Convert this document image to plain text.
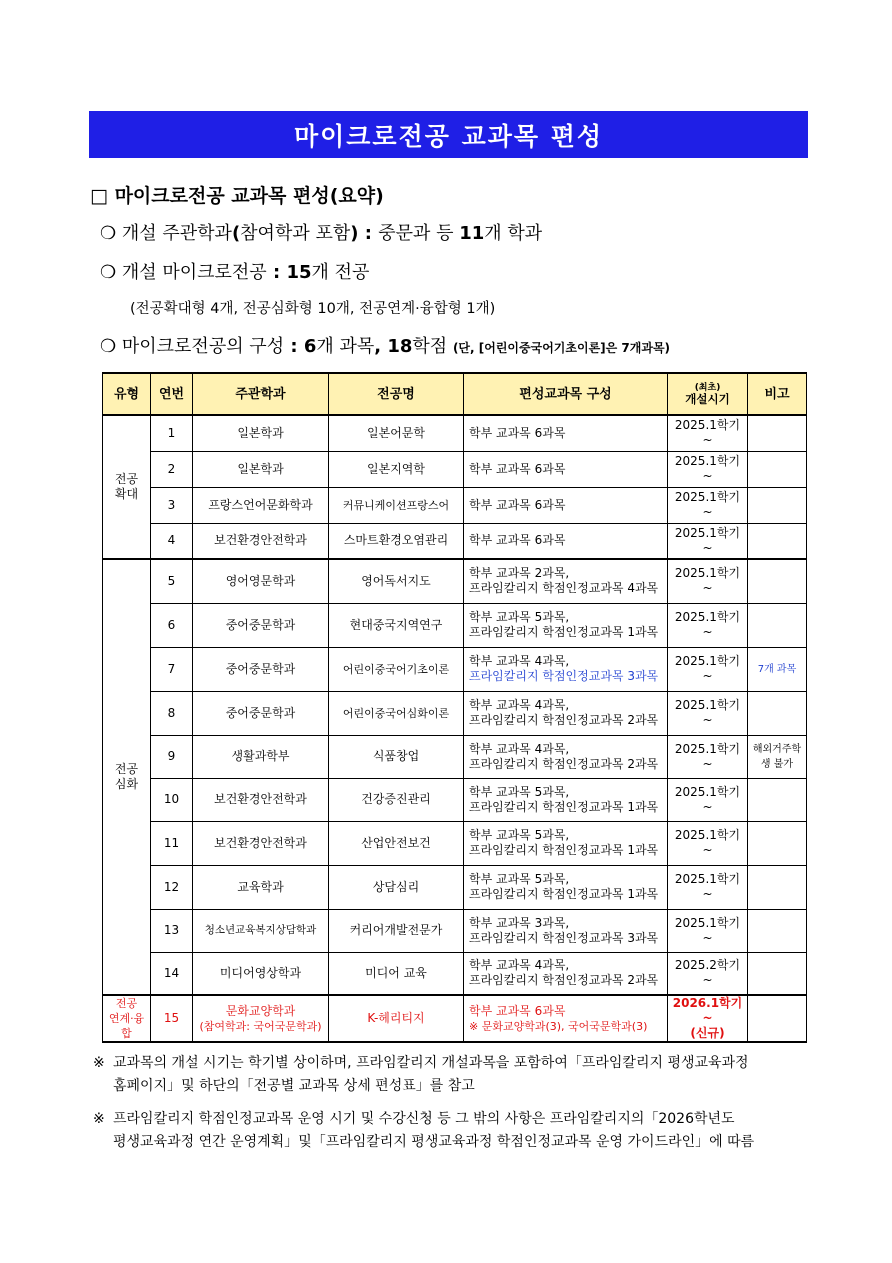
마이크로전공 교과목 편성
□ 마이크로전공 교과목 편성(요약)
❍ 개설 주관학과(참여학과 포함) : 중문과 등 11개 학과
❍ 개설 마이크로전공 : 15개 전공
(전공확대형 4개, 전공심화형 10개, 전공연계·융합형 1개)
❍ 마이크로전공의 구성 : 6개 과목, 18학점 (단, [어린이중국어기초이론]은 7개과목)
유형	연번	주관학과	전공명	편성교과목 구성	(최초)
개설시기	비고

전공
확대	1	일본학과	일본어문학	학부 교과목 6과목	2025.1학기~	
	2	일본학과	일본지역학	학부 교과목 6과목	2025.1학기~	
	3	프랑스언어문화학과	커뮤니케이션프랑스어	학부 교과목 6과목	2025.1학기~	
	4	보건환경안전학과	스마트환경오염관리	학부 교과목 6과목	2025.1학기~	

전공
심화	5	영어영문학과	영어독서지도	학부 교과목 2과목,
프라임칼리지 학점인정교과목 4과목	2025.1학기~	
	6	중어중문학과	현대중국지역연구	학부 교과목 5과목,
프라임칼리지 학점인정교과목 1과목	2025.1학기~	
	7	중어중문학과	어린이중국어기초이론	학부 교과목 4과목,
프라임칼리지 학점인정교과목 3과목	2025.1학기~	7개 과목
	8	중어중문학과	어린이중국어심화이론	학부 교과목 4과목,
프라임칼리지 학점인정교과목 2과목	2025.1학기~	
	9	생활과학부	식품창업	학부 교과목 4과목,
프라임칼리지 학점인정교과목 2과목	2025.1학기~	해외거주학생 불가
	10	보건환경안전학과	건강증진관리	학부 교과목 5과목,
프라임칼리지 학점인정교과목 1과목	2025.1학기~	
	11	보건환경안전학과	산업안전보건	학부 교과목 5과목,
프라임칼리지 학점인정교과목 1과목	2025.1학기~	
	12	교육학과	상담심리	학부 교과목 5과목,
프라임칼리지 학점인정교과목 1과목	2025.1학기~	
	13	청소년교육복지상담학과	커리어개발전문가	학부 교과목 3과목,
프라임칼리지 학점인정교과목 3과목	2025.1학기~	
	14	미디어영상학과	미디어 교육	학부 교과목 4과목,
프라임칼리지 학점인정교과목 2과목	2025.2학기~	

전공
연계·융합	15	문화교양학과
(참여학과: 국어국문학과)	K-헤리티지	학부 교과목 6과목
※ 문화교양학과(3), 국어국문학과(3)	2026.1학기~
(신규)	

※ 교과목의 개설 시기는 학기별 상이하며, 프라임칼리지 개설과목을 포함하여「프라임칼리지 평생교육과정
홈페이지」및 하단의「전공별 교과목 상세 편성표」를 참고
※ 프라임칼리지 학점인정교과목 운영 시기 및 수강신청 등 그 밖의 사항은 프라임칼리지의「2026학년도
평생교육과정 연간 운영계획」및「프라임칼리지 평생교육과정 학점인정교과목 운영 가이드라인」에 따름
